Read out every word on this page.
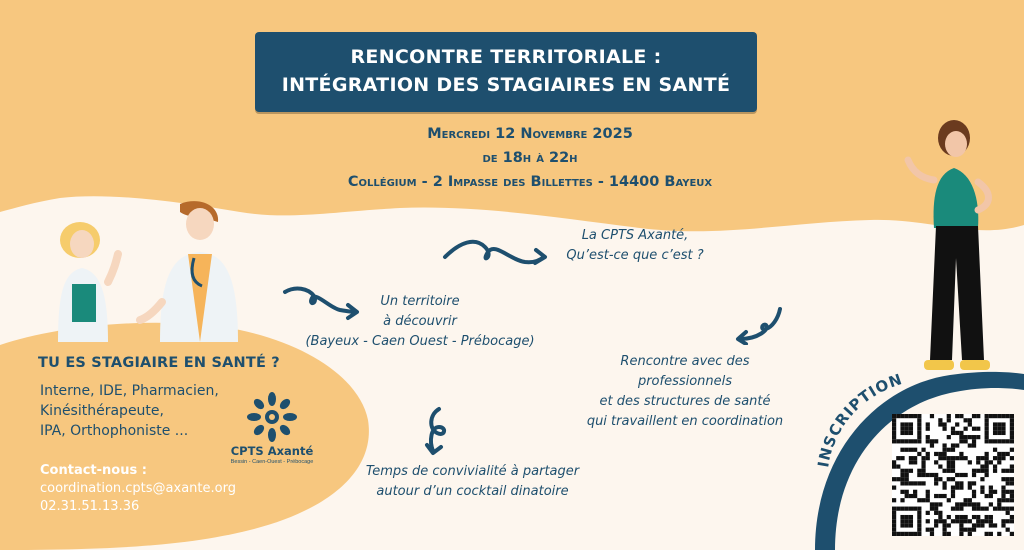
RENCONTRE TERRITORIALE :
INTÉGRATION DES STAGIAIRES EN SANTÉ
Mercredi 12 Novembre 2025
de 18h à 22h
Collégium - 2 Impasse des Billettes - 14400 Bayeux
La CPTS Axanté,
Qu’est-ce que c’est ?
Un territoire
à découvrir
(Bayeux - Caen Ouest - Prébocage)
Rencontre avec des
professionnels
et des structures de santé
qui travaillent en coordination
Temps de convivialité à partager
autour d’un cocktail dinatoire
TU ES STAGIAIRE EN SANTÉ ?
Interne, IDE, Pharmacien,
Kinésithérapeute,
IPA, Orthophoniste ...
Contact-nous :
coordination.cpts@axante.org
02.31.51.13.36
CPTS Axanté
Bessin - Caen-Ouest - Prébocage	INSCRIPTION
